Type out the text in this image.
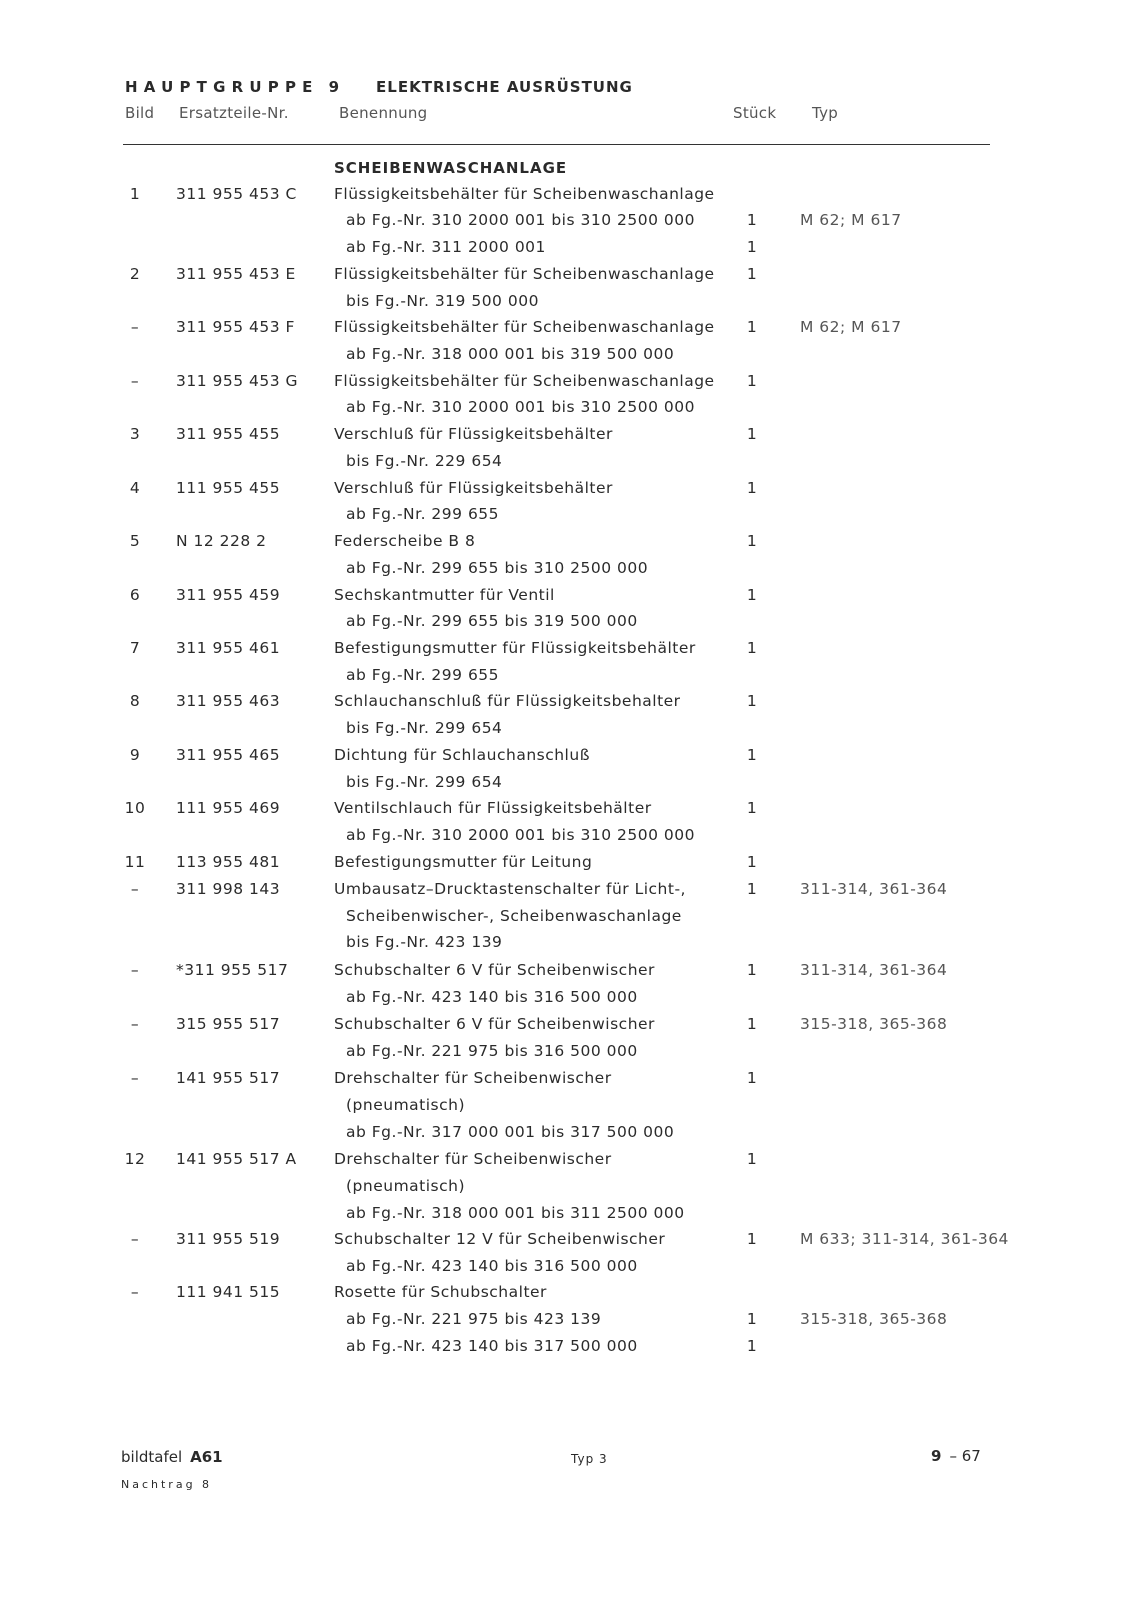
HAUPTGRUPPE 9 ELEKTRISCHE AUSRÜSTUNG
Bild Ersatzteile-Nr.	Benennung	Stück Typ
SCHEIBENWASCHANLAGE
1	311 955 453 C Flüssigkeitsbehälter für Scheibenwaschanlage
ab Fg.-Nr. 310 2000 001 bis 310 2500 000	1	M 62; M 617
ab Fg.-Nr. 311 2000 001	1
2	311 955 453 E Flüssigkeitsbehälter für Scheibenwaschanlage 1
bis Fg.-Nr. 319 500 000
–	311 955 453 F	Flüssigkeitsbehälter für Scheibenwaschanlage 1	M 62; M 617
ab Fg.-Nr. 318 000 001 bis 319 500 000
–	311 955 453 G Flüssigkeitsbehälter für Scheibenwaschanlage 1
ab Fg.-Nr. 310 2000 001 bis 310 2500 000
3	311 955 455	Verschluß für Flüssigkeitsbehälter	1
bis Fg.-Nr. 229 654
4	111 955 455	Verschluß für Flüssigkeitsbehälter	1
ab Fg.-Nr. 299 655
5	N 12 228 2	Federscheibe B 8	1
ab Fg.-Nr. 299 655 bis 310 2500 000
6	311 955 459	Sechskantmutter für Ventil	1
ab Fg.-Nr. 299 655 bis 319 500 000
7	311 955 461	Befestigungsmutter für Flüssigkeitsbehälter	1
ab Fg.-Nr. 299 655
8	311 955 463	Schlauchanschluß für Flüssigkeitsbehalter	1
bis Fg.-Nr. 299 654
9	311 955 465	Dichtung für Schlauchanschluß	1
bis Fg.-Nr. 299 654
10	111 955 469	Ventilschlauch für Flüssigkeitsbehälter	1
ab Fg.-Nr. 310 2000 001 bis 310 2500 000
11	113 955 481	Befestigungsmutter für Leitung	1
–	311 998 143	Umbausatz–Drucktastenschalter für Licht-,	1	311-314, 361-364
Scheibenwischer-, Scheibenwaschanlage
bis Fg.-Nr. 423 139
–	*311 955 517	Schubschalter 6 V für Scheibenwischer	1	311-314, 361-364
ab Fg.-Nr. 423 140 bis 316 500 000
–	315 955 517	Schubschalter 6 V für Scheibenwischer	1	315-318, 365-368
ab Fg.-Nr. 221 975 bis 316 500 000
–	141 955 517	Drehschalter für Scheibenwischer	1
(pneumatisch)
ab Fg.-Nr. 317 000 001 bis 317 500 000
12	141 955 517 A Drehschalter für Scheibenwischer	1
(pneumatisch)
ab Fg.-Nr. 318 000 001 bis 311 2500 000
–	311 955 519	Schubschalter 12 V für Scheibenwischer	1	M 633; 311-314, 361-364
ab Fg.-Nr. 423 140 bis 316 500 000
–	111 941 515	Rosette für Schubschalter
ab Fg.-Nr. 221 975 bis 423 139	1	315-318, 365-368
ab Fg.-Nr. 423 140 bis 317 500 000	1
bildtafel A61
Nachtrag 8
Typ 3	9 – 67
